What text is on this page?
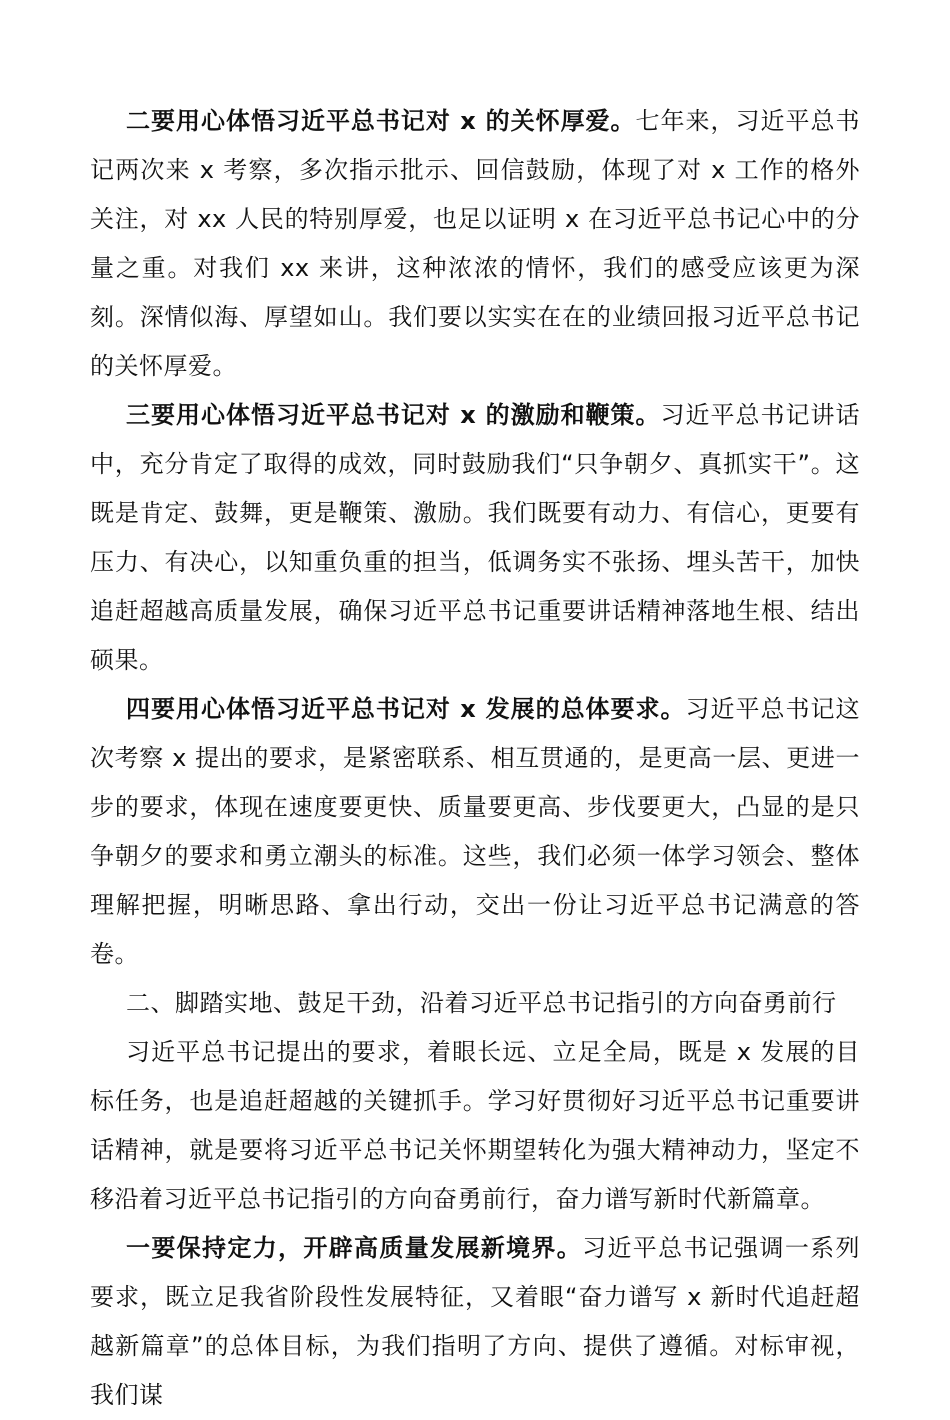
二要用心体悟习近平总书记对 x 的关怀厚爱。七年来，习近平总书记两次来 x 考察，多次指示批示、回信鼓励，体现了对 x 工作的格外关注，对 xx 人民的特别厚爱，也足以证明 x 在习近平总书记心中的分量之重。对我们 xx 来讲，这种浓浓的情怀，我们的感受应该更为深刻。深情似海、厚望如山。我们要以实实在在的业绩回报习近平总书记的关怀厚爱。

三要用心体悟习近平总书记对 x 的激励和鞭策。习近平总书记讲话中，充分肯定了取得的成效，同时鼓励我们“只争朝夕、真抓实干”。这既是肯定、鼓舞，更是鞭策、激励。我们既要有动力、有信心，更要有压力、有决心，以知重负重的担当，低调务实不张扬、埋头苦干，加快追赶超越高质量发展，确保习近平总书记重要讲话精神落地生根、结出硕果。

四要用心体悟习近平总书记对 x 发展的总体要求。习近平总书记这次考察 x 提出的要求，是紧密联系、相互贯通的，是更高一层、更进一步的要求，体现在速度要更快、质量要更高、步伐要更大，凸显的是只争朝夕的要求和勇立潮头的标准。这些，我们必须一体学习领会、整体理解把握，明晰思路、拿出行动，交出一份让习近平总书记满意的答卷。

二、脚踏实地、鼓足干劲，沿着习近平总书记指引的方向奋勇前行

习近平总书记提出的要求，着眼长远、立足全局，既是 x 发展的目标任务，也是追赶超越的关键抓手。学习好贯彻好习近平总书记重要讲话精神，就是要将习近平总书记关怀期望转化为强大精神动力，坚定不移沿着习近平总书记指引的方向奋勇前行，奋力谱写新时代新篇章。

一要保持定力，开辟高质量发展新境界。习近平总书记强调一系列要求，既立足我省阶段性发展特征，又着眼“奋力谱写 x 新时代追赶超越新篇章”的总体目标，为我们指明了方向、提供了遵循。对标审视，我们谋
